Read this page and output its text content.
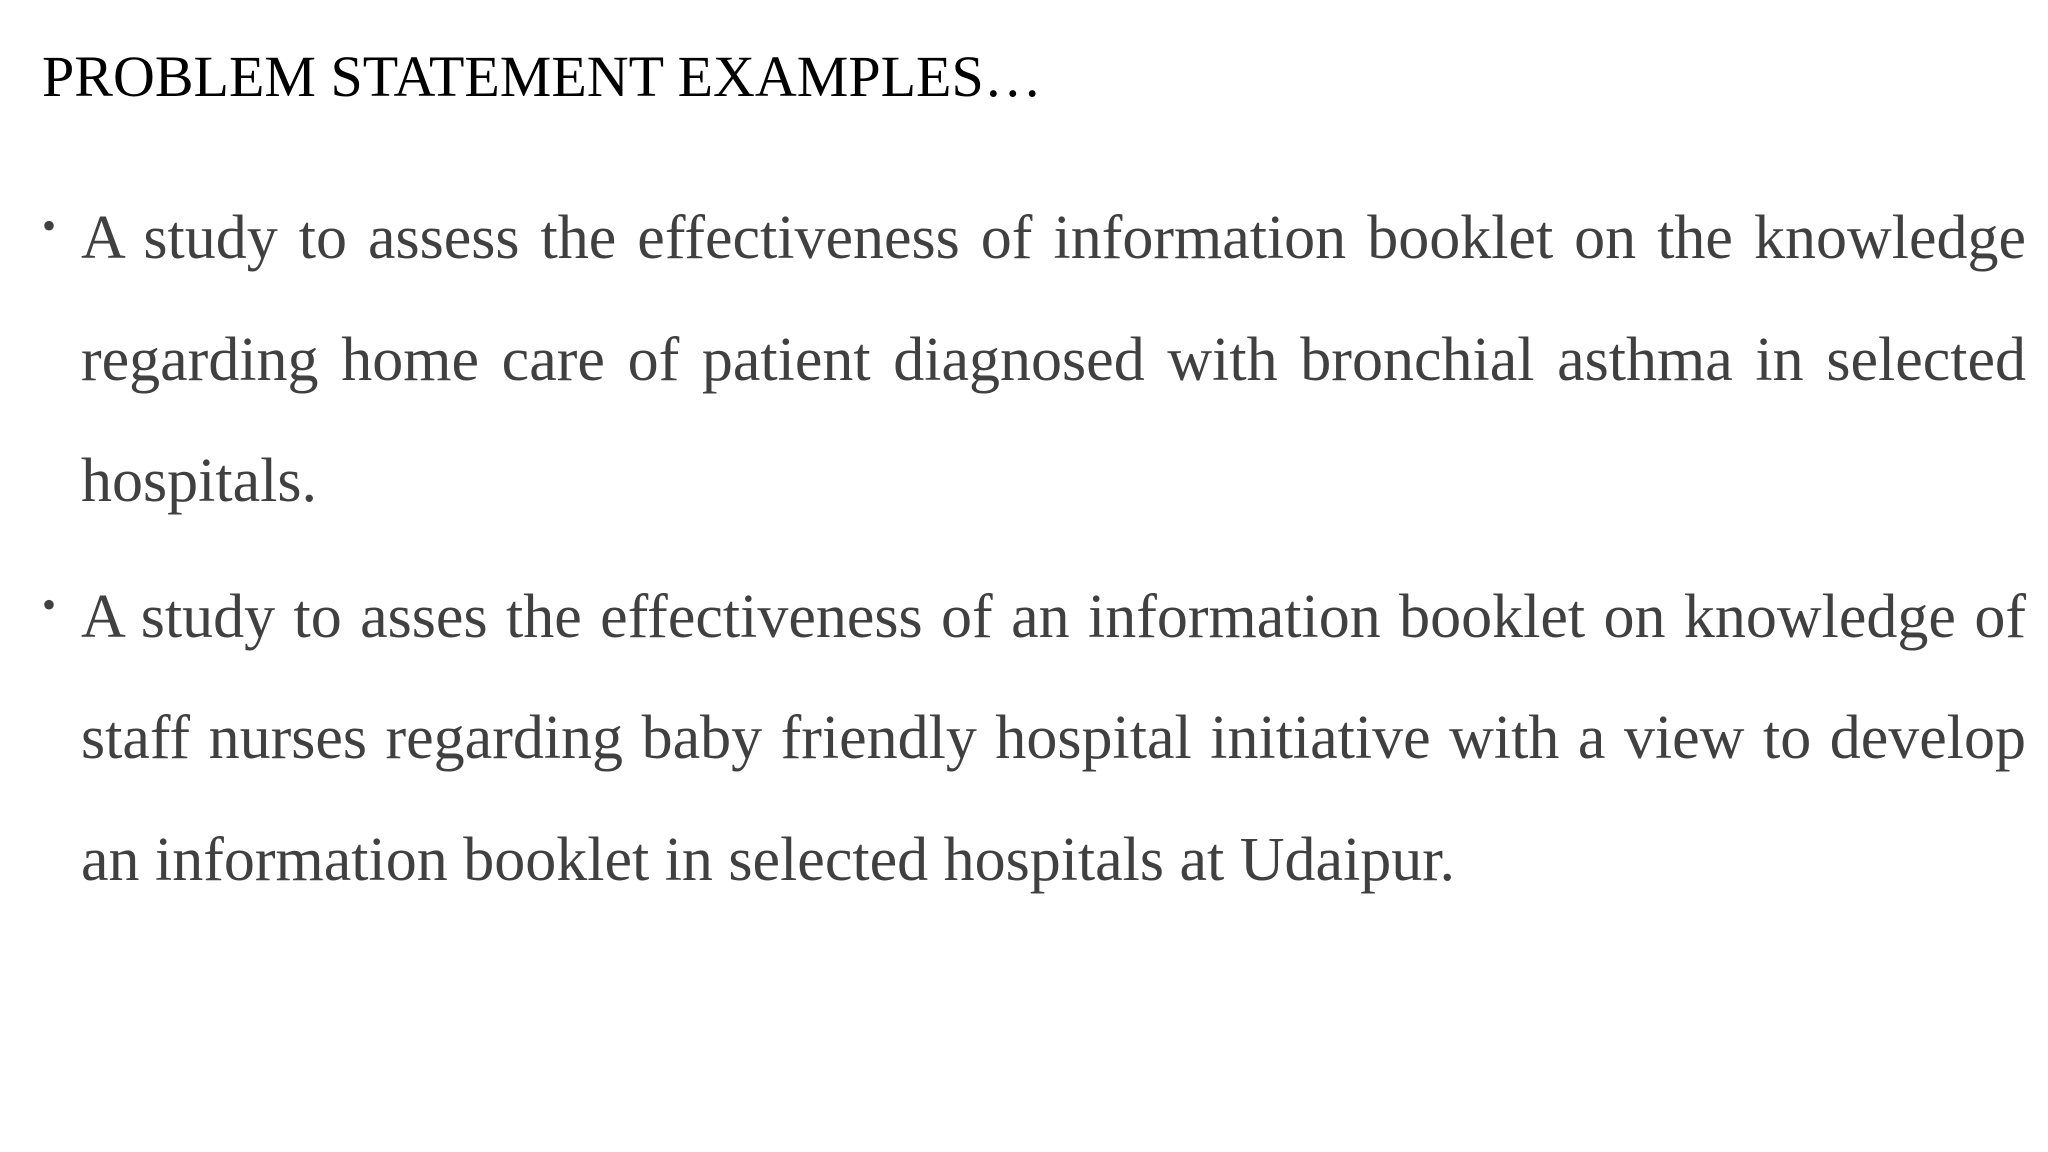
PROBLEM STATEMENT EXAMPLES…
• A study to assess the effectiveness of information booklet on the knowledge regarding home care of patient diagnosed with bronchial asthma in selected hospitals.
• A study to asses the effectiveness of an information booklet on knowledge of staff nurses regarding baby friendly hospital initiative with a view to develop an information booklet in selected hospitals at Udaipur.
